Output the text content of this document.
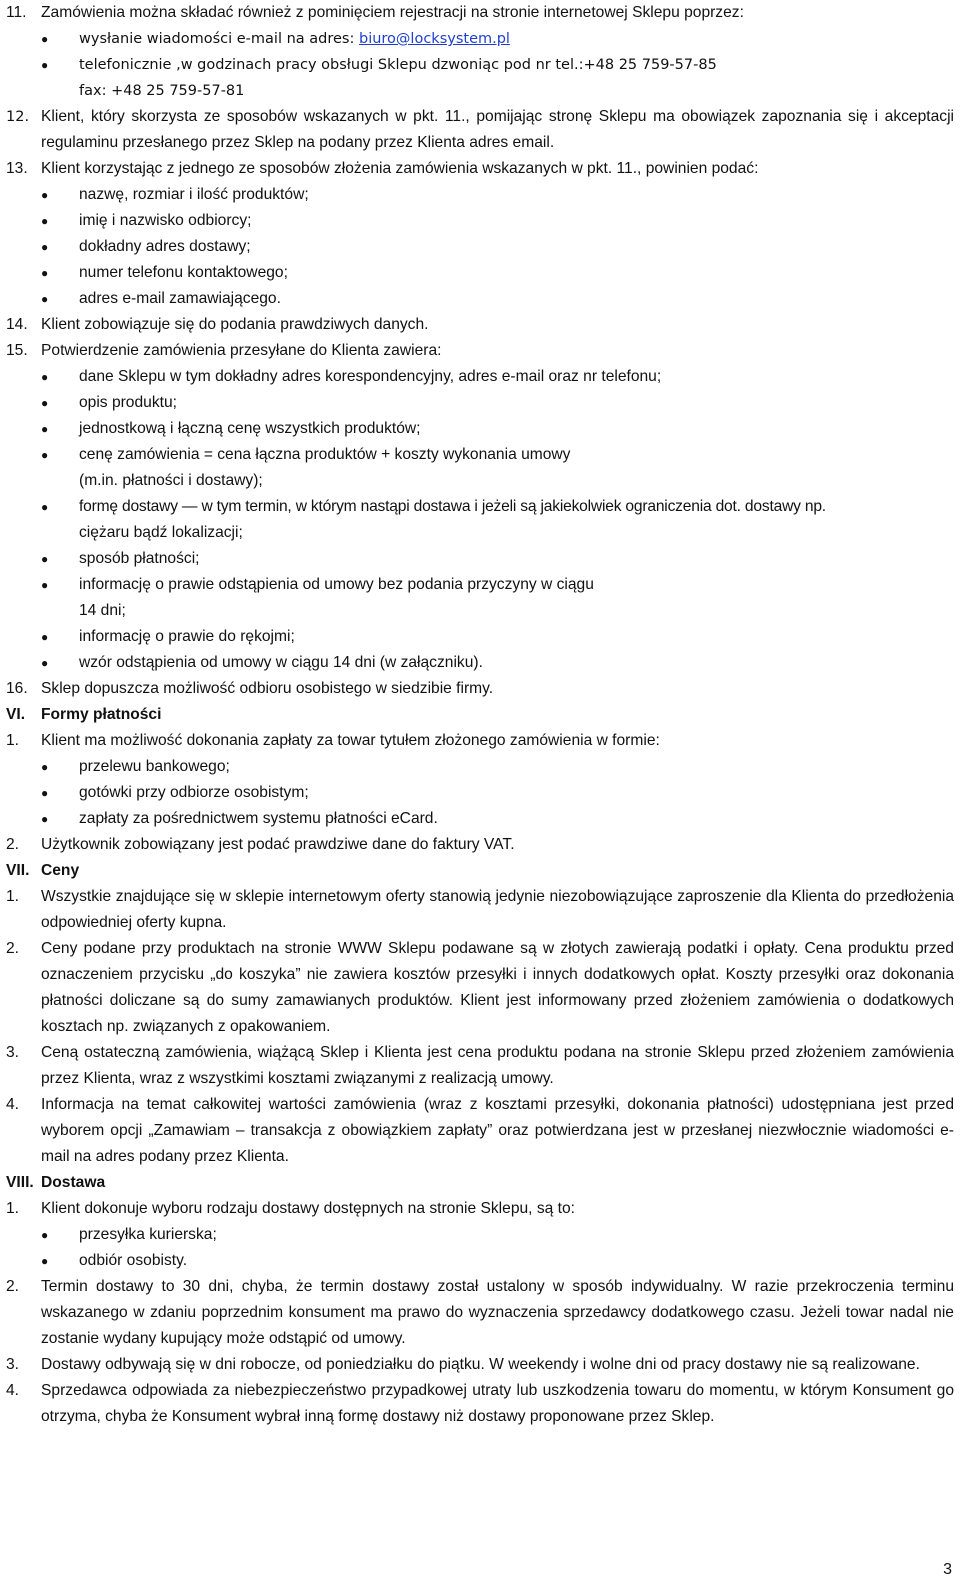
11. Zamówienia można składać również z pominięciem rejestracji na stronie internetowej Sklepu poprzez:
●	wysłanie wiadomości e-mail na adres: biuro@locksystem.pl
●	telefonicznie ,w godzinach pracy obsługi Sklepu dzwoniąc pod nr tel.:+48 25 759-57-85
fax: +48 25 759-57-81
12. Klient, który skorzysta ze sposobów wskazanych w pkt. 11., pomijając stronę Sklepu ma obowiązek zapoznania się i akceptacji regulaminu przesłanego przez Sklep na podany przez Klienta adres email.
13. Klient korzystając z jednego ze sposobów złożenia zamówienia wskazanych w pkt. 11., powinien podać:
●	nazwę, rozmiar i ilość produktów;
●	imię i nazwisko odbiorcy;
●	dokładny adres dostawy;
●	numer telefonu kontaktowego;
●	adres e-mail zamawiającego.
14. Klient zobowiązuje się do podania prawdziwych danych.
15. Potwierdzenie zamówienia przesyłane do Klienta zawiera:
●	dane Sklepu w tym dokładny adres korespondencyjny, adres e-mail oraz nr telefonu;
●	opis produktu;
●	jednostkową i łączną cenę wszystkich produktów;
●	cenę zamówienia = cena łączna produktów + koszty wykonania umowy
(m.in. płatności i dostawy);
●	formę dostawy — w tym termin, w którym nastąpi dostawa i jeżeli są jakiekolwiek ograniczenia dot. dostawy np.
ciężaru bądź lokalizacji;
●	sposób płatności;
●	informację o prawie odstąpienia od umowy bez podania przyczyny w ciągu
14 dni;
●	informację o prawie do rękojmi;
●	wzór odstąpienia od umowy w ciągu 14 dni (w załączniku).
16. Sklep dopuszcza możliwość odbioru osobistego w siedzibie firmy.
VI.	Formy płatności
1.	Klient ma możliwość dokonania zapłaty za towar tytułem złożonego zamówienia w formie:
●	przelewu bankowego;
●	gotówki przy odbiorze osobistym;
●	zapłaty za pośrednictwem systemu płatności eCard.
2.	Użytkownik zobowiązany jest podać prawdziwe dane do faktury VAT.
VII. Ceny
1.	Wszystkie znajdujące się w sklepie internetowym oferty stanowią jedynie niezobowiązujące zaproszenie dla Klienta do przedłożenia odpowiedniej oferty kupna.
2.	Ceny podane przy produktach na stronie WWW Sklepu podawane są w złotych zawierają podatki i opłaty. Cena produktu przed oznaczeniem przycisku „do koszyka” nie zawiera kosztów przesyłki i innych dodatkowych opłat. Koszty przesyłki oraz dokonania płatności doliczane są do sumy zamawianych produktów. Klient jest informowany przed złożeniem zamówienia o dodatkowych kosztach np. związanych z opakowaniem.
3.	Ceną ostateczną zamówienia, wiążącą Sklep i Klienta jest cena produktu podana na stronie Sklepu przed złożeniem zamówienia przez Klienta, wraz z wszystkimi kosztami związanymi z realizacją umowy.
4.	Informacja na temat całkowitej wartości zamówienia (wraz z kosztami przesyłki, dokonania płatności) udostępniana jest przed wyborem opcji „Zamawiam – transakcja z obowiązkiem zapłaty” oraz potwierdzana jest w przesłanej niezwłocznie wiadomości e-mail na adres podany przez Klienta.
VIII. Dostawa
1.	Klient dokonuje wyboru rodzaju dostawy dostępnych na stronie Sklepu, są to:
●	przesyłka kurierska;
●	odbiór osobisty.
2.	Termin dostawy to 30 dni, chyba, że termin dostawy został ustalony w sposób indywidualny. W razie przekroczenia terminu wskazanego w zdaniu poprzednim konsument ma prawo do wyznaczenia sprzedawcy dodatkowego czasu. Jeżeli towar nadal nie zostanie wydany kupujący może odstąpić od umowy.
3.	Dostawy odbywają się w dni robocze, od poniedziałku do piątku. W weekendy i wolne dni od pracy dostawy nie są realizowane.
4.	Sprzedawca odpowiada za niebezpieczeństwo przypadkowej utraty lub uszkodzenia towaru do momentu, w którym Konsument go otrzyma, chyba że Konsument wybrał inną formę dostawy niż dostawy proponowane przez Sklep.
3
